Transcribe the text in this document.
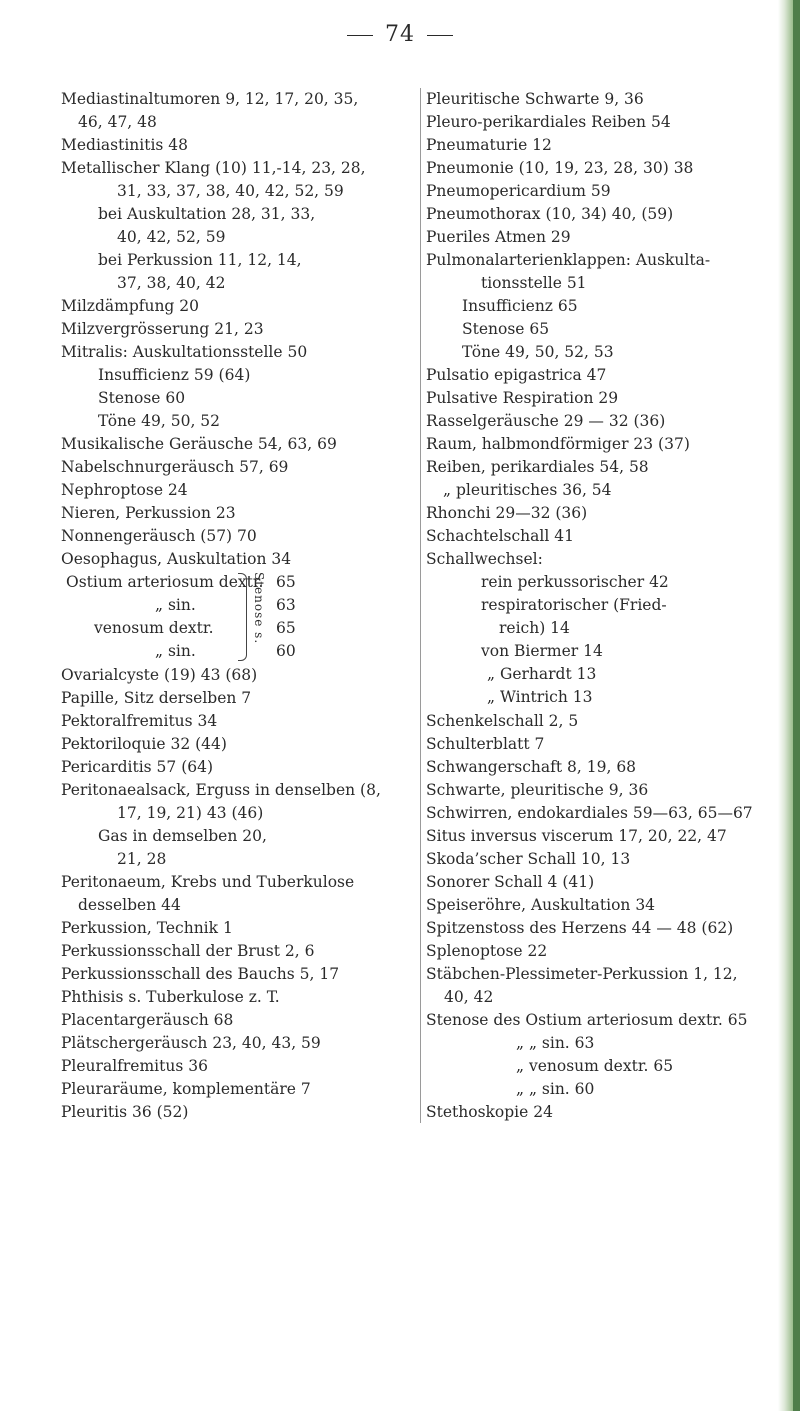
74
Mediastinaltumoren 9, 12, 17, 20, 35,
46, 47, 48
Mediastinitis 48
Metallischer Klang (10) 11,-14, 23, 28,
31, 33, 37, 38, 40, 42, 52, 59
bei Auskultation 28, 31, 33,
40, 42, 52, 59
bei Perkussion 11, 12, 14,
37, 38, 40, 42
Milzdämpfung 20
Milzvergrösserung 21, 23
Mitralis: Auskultationsstelle 50
Insufficienz 59 (64)
Stenose 60
Töne 49, 50, 52
Musikalische Geräusche 54, 63, 69
Nabelschnurgeräusch 57, 69
Nephroptose 24
Nieren, Perkussion 23
Nonnengeräusch (57) 70
Oesophagus, Auskultation 34
Ostium arteriosum dextr.
„ sin.
venosum dextr.
„ sin.
Stenose s. 65
63
65
60
Ovarialcyste (19) 43 (68)
Papille, Sitz derselben 7
Pektoralfremitus 34
Pektoriloquie 32 (44)
Pericarditis 57 (64)
Peritonaealsack, Erguss in denselben (8,
17, 19, 21) 43 (46)
Gas in demselben 20,
21, 28
Peritonaeum, Krebs und Tuberkulose
desselben 44
Perkussion, Technik 1
Perkussionsschall der Brust 2, 6
Perkussionsschall des Bauchs 5, 17
Phthisis s. Tuberkulose z. T.
Placentargeräusch 68
Plätschergeräusch 23, 40, 43, 59
Pleuralfremitus 36
Pleuraräume, komplementäre 7
Pleuritis 36 (52)
Pleuritische Schwarte 9, 36
Pleuro-perikardiales Reiben 54
Pneumaturie 12
Pneumonie (10, 19, 23, 28, 30) 38
Pneumopericardium 59
Pneumothorax (10, 34) 40, (59)
Pueriles Atmen 29
Pulmonalarterienklappen: Auskulta-
tionsstelle 51
Insufficienz 65
Stenose 65
Töne 49, 50, 52, 53
Pulsatio epigastrica 47
Pulsative Respiration 29
Rasselgeräusche 29 — 32 (36)
Raum, halbmondförmiger 23 (37)
Reiben, perikardiales 54, 58
„ pleuritisches 36, 54
Rhonchi 29—32 (36)
Schachtelschall 41
Schallwechsel:
rein perkussorischer 42
respiratorischer (Fried-
reich) 14
von Biermer 14
„ Gerhardt 13
„ Wintrich 13
Schenkelschall 2, 5
Schulterblatt 7
Schwangerschaft 8, 19, 68
Schwarte, pleuritische 9, 36
Schwirren, endokardiales 59—63, 65—67
Situs inversus viscerum 17, 20, 22, 47
Skoda’scher Schall 10, 13
Sonorer Schall 4 (41)
Speiseröhre, Auskultation 34
Spitzenstoss des Herzens 44 — 48 (62)
Splenoptose 22
Stäbchen-Plessimeter-Perkussion 1, 12,
40, 42
Stenose des Ostium arteriosum dextr. 65
„ „ sin. 63
„ venosum dextr. 65
„ „ sin. 60
Stethoskopie 24
